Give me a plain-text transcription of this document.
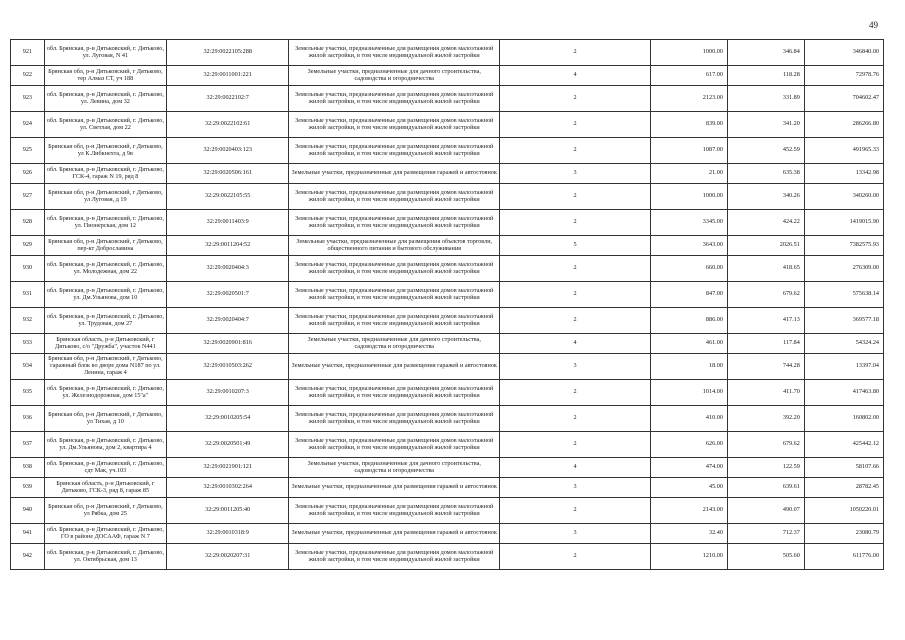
49
921	обл. Брянская, р-н Дятьковский, г. Дятьково, ул. Луговая, N 41	32:29:0022105:288	Земельные участки, предназначенные для размещения домов малоэтажной жилой застройки, в том числе индивидуальной жилой застройки	2	1000.00	346.84	346840.00
922	Брянская обл, р-н Дятьковский, г Дятьково, тер Алмаз СТ, уч 188	32:29:0011001:221	Земельные участки, предназначенные для дачного строительства, садоводства и огородничества	4	617.00	118.28	72978.76
923	обл. Брянская, р-н Дятьковский, г. Дятьково, ул. Левина, дом 32	32:29:0022102:7	Земельные участки, предназначенные для размещения домов малоэтажной жилой застройки, в том числе индивидуальной жилой застройки	2	2123.00	331.89	704602.47
924	обл. Брянская, р-н Дятьковский, г. Дятьково, ул. Светлая, дом 22	32:29:0022102:61	Земельные участки, предназначенные для размещения домов малоэтажной жилой застройки, в том числе индивидуальной жилой застройки	2	839.00	341.20	286266.80
925	Брянская обл, р-н Дятьковский, г Дятьково, ул К.Либкнехта, д 9в	32:29:0020403:123	Земельные участки, предназначенные для размещения домов малоэтажной жилой застройки, в том числе индивидуальной жилой застройки	2	1087.00	452.59	491965.33
926	обл. Брянская, р-н Дятьковский, г. Дятьково, ГСК-4, гараж N 19, ряд 8	32:29:0020506:161	Земельные участки, предназначенные для размещения гаражей и автостоянок	3	21.00	635.38	13342.98
927	Брянская обл, р-н Дятьковский, г Дятьково, ул Луговая, д 19	32:29:0022105:55	Земельные участки, предназначенные для размещения домов малоэтажной жилой застройки, в том числе индивидуальной жилой застройки	2	1000.00	340.26	340260.00
928	обл. Брянская, р-н Дятьковский, г. Дятьково, ул. Пионерская, дом 12	32:29:0011403:9	Земельные участки, предназначенные для размещения домов малоэтажной жилой застройки, в том числе индивидуальной жилой застройки	2	3345.00	424.22	1419015.90
929	Брянская обл, р-н Дятьковский, г Дятьково, пер-кт Доброславина	32:29:0011204:52	Земельные участки, предназначенные для размещения объектов торговли, общественного питания и бытового обслуживания	5	3643.00	2026.51	7382575.93
930	обл. Брянская, р-н Дятьковский, г. Дятьково, ул. Молодежная, дом 22	32:29:0020404:3	Земельные участки, предназначенные для размещения домов малоэтажной жилой застройки, в том числе индивидуальной жилой застройки	2	660.00	418.65	276309.00
931	обл. Брянская, р-н Дятьковский, г. Дятьково, ул. Дм.Ульянова, дом 10	32:29:0020501:7	Земельные участки, предназначенные для размещения домов малоэтажной жилой застройки, в том числе индивидуальной жилой застройки	2	847.00	679.62	575638.14
932	обл. Брянская, р-н Дятьковский, г. Дятьково, ул. Трудовая, дом 27	32:29:0020404:7	Земельные участки, предназначенные для размещения домов малоэтажной жилой застройки, в том числе индивидуальной жилой застройки	2	886.00	417.13	369577.18
933	Брянская область, р-н Дятьковский, г Дятьково, с/о "Дружба", участок N441	32:29:0020901:816	Земельные участки, предназначенные для дачного строительства, садоводства и огородничества	4	461.00	117.84	54324.24
934	Брянская обл, р-н Дятьковский, г Дятьково, гаражный блок во дворе дома N187 по ул. Ленина, гараж 4	32:29:0010503:262	Земельные участки, предназначенные для размещения гаражей и автостоянок	3	18.00	744.28	13397.04
935	обл. Брянская, р-н Дятьковский, г. Дятьково, ул. Железнодорожная, дом 15"а"	32:29:0010207:3	Земельные участки, предназначенные для размещения домов малоэтажной жилой застройки, в том числе индивидуальной жилой застройки	2	1014.00	411.70	417463.80
936	Брянская обл, р-н Дятьковский, г Дятьково, ул Тихая, д 10	32:29:0010205:54	Земельные участки, предназначенные для размещения домов малоэтажной жилой застройки, в том числе индивидуальной жилой застройки	2	410.00	392.20	160802.00
937	обл. Брянская, р-н Дятьковский, г. Дятьково, ул. Дм.Ульянова, дом 2, квартира 4	32:29:0020501:49	Земельные участки, предназначенные для размещения домов малоэтажной жилой застройки, в том числе индивидуальной жилой застройки	2	626.00	679.62	425442.12
938	обл. Брянская, р-н Дятьковский, г. Дятьково, сдт Мак, уч.103	32:29:0021901:121	Земельные участки, предназначенные для дачного строительства, садоводства и огородничества	4	474.00	122.59	58107.66
939	Брянская область, р-н Дятьковский, г Дятьково, ГСК-3, ряд 8, гараж 85	32:29:0010302:264	Земельные участки, предназначенные для размещения гаражей и автостоянок	3	45.00	639.61	28782.45
940	Брянская обл, р-н Дятьковский, г Дятьково, ул Рябка, дом 25	32:29:0011205:40	Земельные участки, предназначенные для размещения домов малоэтажной жилой застройки, в том числе индивидуальной жилой застройки	2	2143.00	490.07	1050220.01
941	обл. Брянская, р-н Дятьковский, г. Дятьково, ГО в районе ДОСААФ, гараж N 7	32:29:0010318:9	Земельные участки, предназначенные для размещения гаражей и автостоянок	3	32.40	712.37	23080.79
942	обл. Брянская, р-н Дятьковский, г. Дятьково, ул. Октябрьская, дом 13	32:29:0020207:31	Земельные участки, предназначенные для размещения домов малоэтажной жилой застройки, в том числе индивидуальной жилой застройки	2	1210.00	505.60	611776.00
